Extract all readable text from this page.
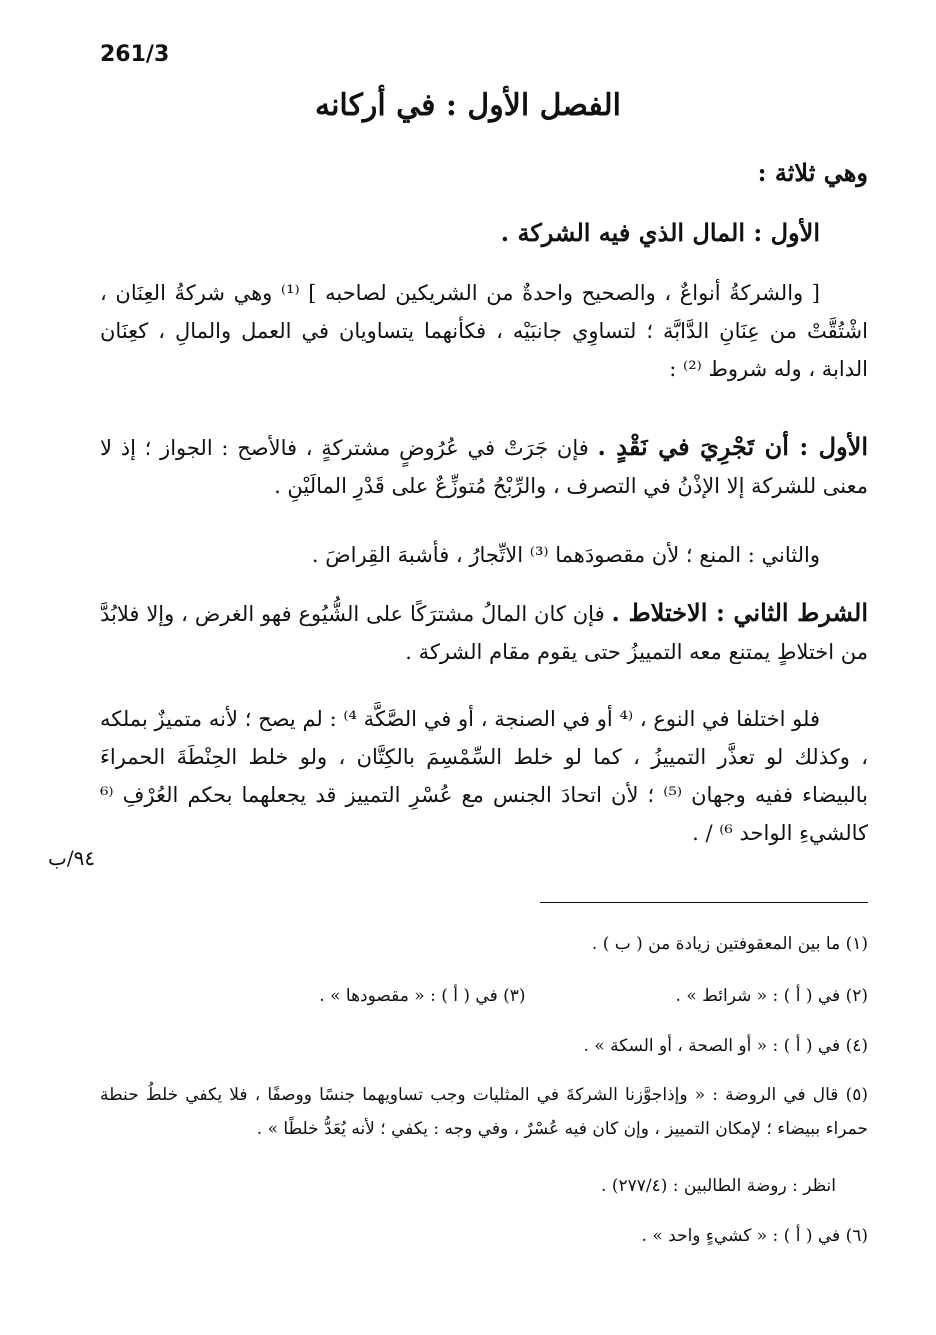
261/3
الفصل الأول : في أركانه
وهي ثلاثة :
الأول : المال الذي فيه الشركة .
[ والشركةُ أنواعٌ ، والصحيح واحدةٌ من الشريكين لصاحبه ] ⁽¹⁾ وهي شركةُ العِنَان ، اشْتُقَّتْ من عِنَانِ الدَّابَّة ؛ لتساوِي جانبَيْه ، فكأنهما يتساويان في العمل والمالِ ، كعِنَان الدابة ، وله شروط ⁽²⁾ :
الأول : أن تَجْرِيَ في نَقْدٍ . فإن جَرَتْ في عُرُوضٍ مشتركةٍ ، فالأصح : الجواز ؛ إذ لا معنى للشركة إلا الإذْنُ في التصرف ، والرِّبْحُ مُتوزِّعٌ على قَدْرِ المالَيْنِ .
والثاني : المنع ؛ لأن مقصودَهما ⁽³⁾ الاتِّجارُ ، فأشبهَ القِراضَ .
الشرط الثاني : الاختلاط . فإن كان المالُ مشترَكًا على الشُّيُوع فهو الغرض ، وإلا فلابُدَّ من اختلاطٍ يمتنع معه التمييزُ حتى يقوم مقام الشركة .
فلو اختلفا في النوع ، ⁽⁴ أو في الصنجة ، أو في الصَّكَّة ⁴⁾ : لم يصح ؛ لأنه متميزٌ بملكه ، وكذلك لو تعذَّر التمييزُ ، كما لو خلط السِّمْسِمَ بالكِتَّان ، ولو خلط الحِنْطَةَ الحمراءَ بالبيضاء ففيه وجهان ⁽⁵⁾ ؛ لأن اتحادَ الجنس مع عُسْرِ التمييز قد يجعلهما بحكم العُرْفِ ⁽⁶ كالشيءِ الواحد ⁶⁾ / .
٩٤/ب
(١) ما بين المعقوفتين زيادة من ( ب ) .
(٢) في ( أ ) : « شرائط » .(٣) في ( أ ) : « مقصودها » .
(٤) في ( أ ) : « أو الصحة ، أو السكة » .
(٥) قال في الروضة : « وإذاجوَّزنا الشركةَ في المثليات وجب تساويهما جنسًا ووصفًا ، فلا يكفي خلطُ حنطة حمراء ببيضاء ؛ لإمكان التمييز ، وإن كان فيه عُسْرٌ ، وفي وجه : يكفي ؛ لأنه يُعَدُّ خلطًا » .
انظر : روضة الطالبين : (٢٧٧/٤) .
(٦) في ( أ ) : « كشيءٍ واحد » .
